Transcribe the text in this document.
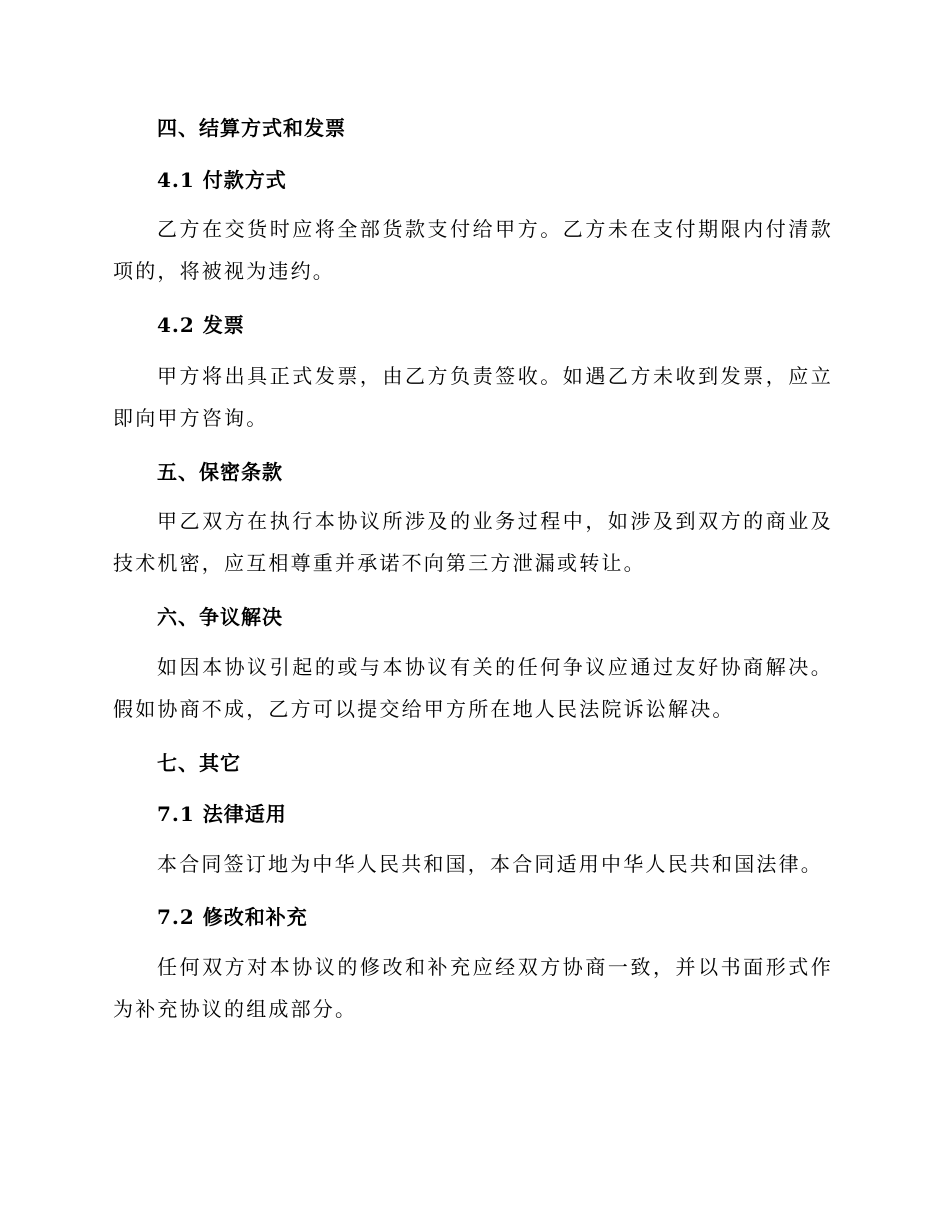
四、结算方式和发票
4.1 付款方式

乙方在交货时应将全部货款支付给甲方。乙方未在支付期限内付清款项的，将被视为违约。

4.2 发票

甲方将出具正式发票，由乙方负责签收。如遇乙方未收到发票，应立即向甲方咨询。

五、保密条款

甲乙双方在执行本协议所涉及的业务过程中，如涉及到双方的商业及技术机密，应互相尊重并承诺不向第三方泄漏或转让。

六、争议解决

如因本协议引起的或与本协议有关的任何争议应通过友好协商解决。假如协商不成，乙方可以提交给甲方所在地人民法院诉讼解决。

七、其它
7.1 法律适用

本合同签订地为中华人民共和国，本合同适用中华人民共和国法律。

7.2 修改和补充

任何双方对本协议的修改和补充应经双方协商一致，并以书面形式作为补充协议的组成部分。
